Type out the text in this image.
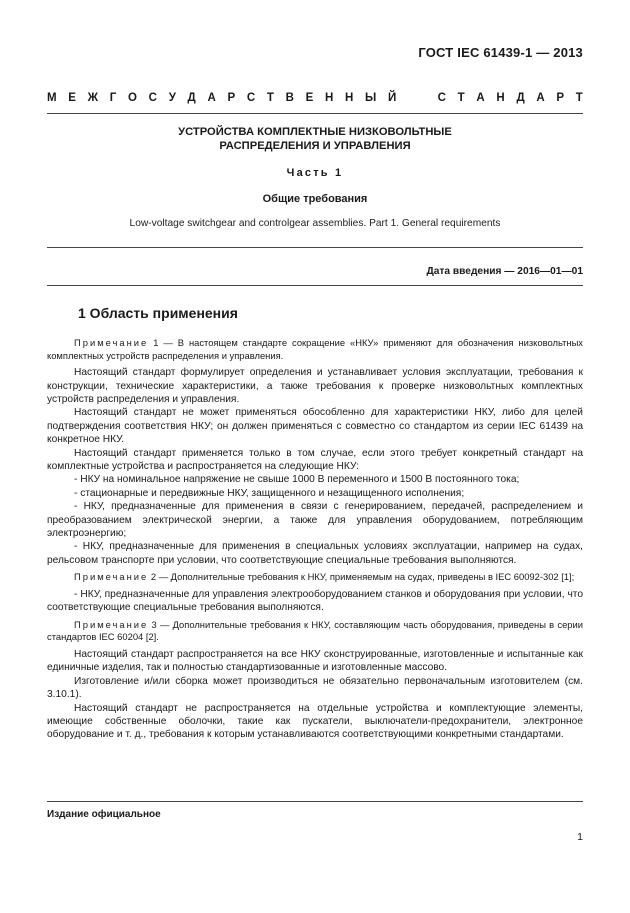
ГОСТ IEC 61439-1 — 2013
М Е Ж Г О С У Д А Р С Т В Е Н Н Ы Й	С Т А Н Д А Р Т
УСТРОЙСТВА КОМПЛЕКТНЫЕ НИЗКОВОЛЬТНЫЕ
РАСПРЕДЕЛЕНИЯ И УПРАВЛЕНИЯ
Часть 1
Общие требования
Low-voltage switchgear and controlgear assemblies. Part 1. General requirements
Дата введения — 2016—01—01
1 Область применения

Примечание 1 — В настоящем стандарте сокращение «НКУ» применяют для обозначения низковольтных комплектных устройств распределения и управления.

Настоящий стандарт формулирует определения и устанавливает условия эксплуатации, требования к конструкции, технические характеристики, а также требования к проверке низковольтных комплектных устройств распределения и управления.

Настоящий стандарт не может применяться обособленно для характеристики НКУ, либо для целей подтверждения соответствия НКУ; он должен применяться с совместно со стандартом из серии IEC 61439 на конкретное НКУ.

Настоящий стандарт применяется только в том случае, если этого требует конкретный стандарт на комплектные устройства и распространяется на следующие НКУ:

- НКУ на номинальное напряжение не свыше 1000 В переменного и 1500 В постоянного тока;

- стационарные и передвижные НКУ, защищенного и незащищенного исполнения;

- НКУ, предназначенные для применения в связи с генерированием, передачей, распределением и преобразованием электрической энергии, а также для управления оборудованием, потребляющим электроэнергию;

- НКУ, предназначенные для применения в специальных условиях эксплуатации, например на судах, рельсовом транспорте при условии, что соответствующие специальные требования выполняются.

Примечание 2 — Дополнительные требования к НКУ, применяемым на судах, приведены в IEC 60092-302 [1];

- НКУ, предназначенные для управления электрооборудованием станков и оборудования при условии, что соответствующие специальные требования выполняются.

Примечание 3 — Дополнительные требования к НКУ, составляющим часть оборудования, приведены в серии стандартов IEC 60204 [2].

Настоящий стандарт распространяется на все НКУ сконструированные, изготовленные и испытанные как единичные изделия, так и полностью стандартизованные и изготовленные массово.

Изготовление и/или сборка может производиться не обязательно первоначальным изготовителем (см. 3.10.1).

Настоящий стандарт не распространяется на отдельные устройства и комплектующие элементы, имеющие собственные оболочки, такие как пускатели, выключатели-предохранители, электронное оборудование и т. д., требования к которым устанавливаются соответствующими конкретными стандартами.

Издание официальное
1
